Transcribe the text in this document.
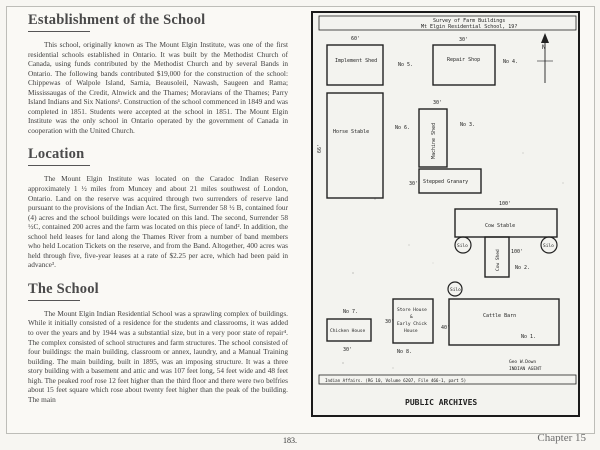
Establishment of the School

This school, originally known as The Mount Elgin Institute, was one of the first residential schools established in Ontario. It was built by the Methodist Church of Canada, using funds contributed by the Methodist Church and by several Bands in Ontario. The following bands contributed $19,000 for the construction of the school: Chippewas of Walpole Island, Sarnia, Beausoleil, Nawash, Saugeen and Rama; Mississaugas of the Credit, Alnwick and the Thames; Moravians of the Thames; Parry Island Indians and Six Nations¹. Construction of the school commenced in 1849 and was completed in 1851. Students were accepted at the school in 1851. The Mount Elgin Institute was the only school in Ontario operated by the government of Canada in cooperation with the United Church.

Location

The Mount Elgin Institute was located on the Caradoc Indian Reserve approximately 1 ½ miles from Muncey and about 21 miles southwest of London, Ontario. Land on the reserve was acquired through two surrenders of reserve land pursuant to the provisions of the Indian Act. The first, Surrender 58 ½ B, contained four (4) acres and the school buildings were located on this land. The second, Surrender 58 ½C, contained 200 acres and the farm was located on this piece of land². In addition, the school held leases for land along the Thames River from a number of band members who held Location Tickets on the reserve, and from the Band. Altogether, 400 acres was held through five, five-year leases at a rate of $2.25 per acre, which had been paid in advance³.

The School

The Mount Elgin Indian Residential School was a sprawling complex of buildings. While it initially consisted of a residence for the students and classrooms, it was added to over the years and by 1944 was a substantial size, but in a very poor state of repair⁴. The complex consisted of school structures and farm structures. The school consisted of four buildings: the main building, classroom or annex, laundry, and a Manual Training building. The main building, built in 1895, was an imposing structure. It was a three story building with a basement and attic and was 107 feet long, 54 feet wide and 48 feet high. The peaked roof rose 12 feet higher than the third floor and there were two belfries about 15 feet square which rose about twenty feet higher than the peak of the building. The main

Survey of Farm Buildings
Mt Elgin Residential School, 19?
Implement Shed
No 5.
60'
Repair Shop	No 4.
30'
N
Horse Stable
No 6.
66'	Machine Shed	No 3.
30'
Stepped Granary
30'
Cow Stable
100'
Silo	Silo
Cow Shed	No 2.
100'
Silo
Store House
&
Early Chick
House
No 8.
30'
Chicken House
No 7.
30'
Cattle Barn
No 1.
40'
Geo W.Down
INDIAN AGENT
Indian Affairs. (RG 10, Volume 6207, File 466-1, part 5)
PUBLIC ARCHIVES
183.	Chapter 15
